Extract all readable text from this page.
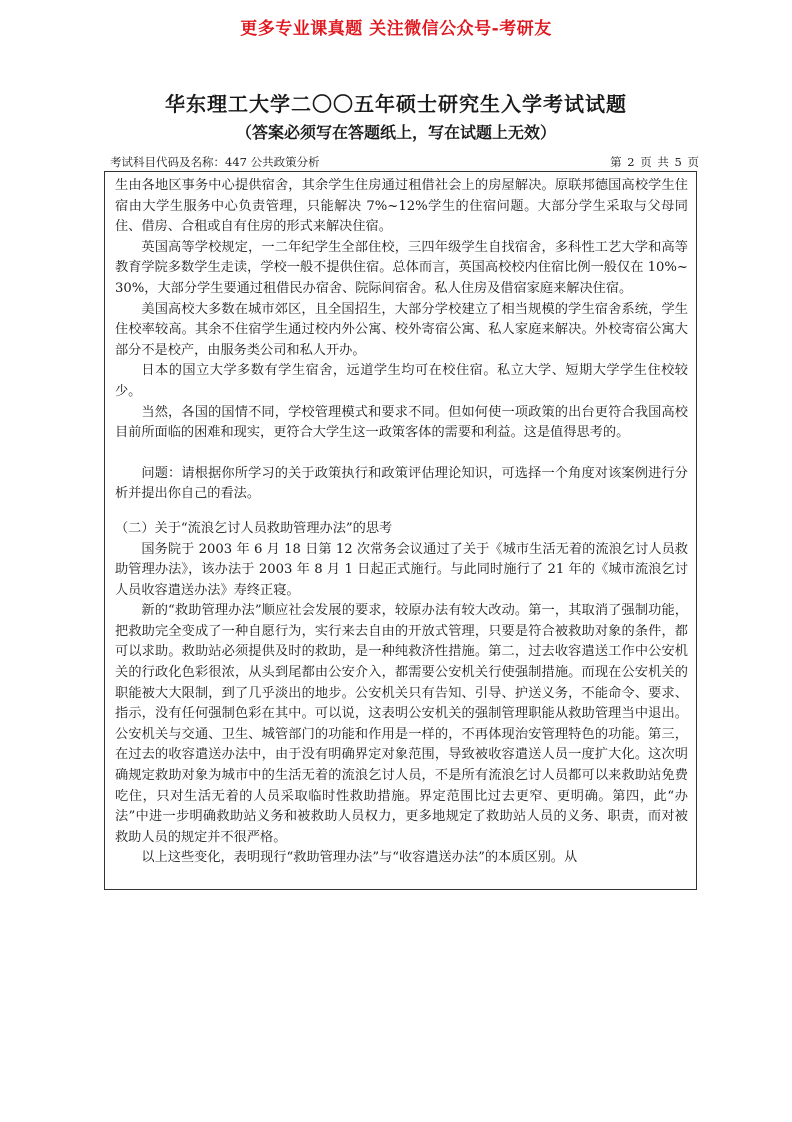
更多专业课真题 关注微信公众号-考研友
华东理工大学二〇〇五年硕士研究生入学考试试题
（答案必须写在答题纸上，写在试题上无效）
考试科目代码及名称：447 公共政策分析	第 2 页 共 5 页

生由各地区事务中心提供宿舍，其余学生住房通过租借社会上的房屋解决。原联邦德国高校学生住宿由大学生服务中心负责管理，只能解决 7%~12%学生的住宿问题。大部分学生采取与父母同住、借房、合租或自有住房的形式来解决住宿。

英国高等学校规定，一二年纪学生全部住校，三四年级学生自找宿舍，多科性工艺大学和高等教育学院多数学生走读，学校一般不提供住宿。总体而言，英国高校校内住宿比例一般仅在 10%~30%，大部分学生要通过租借民办宿舍、院际间宿舍。私人住房及借宿家庭来解决住宿。

美国高校大多数在城市郊区，且全国招生，大部分学校建立了相当规模的学生宿舍系统，学生住校率较高。其余不住宿学生通过校内外公寓、校外寄宿公寓、私人家庭来解决。外校寄宿公寓大部分不是校产，由服务类公司和私人开办。

日本的国立大学多数有学生宿舍，远道学生均可在校住宿。私立大学、短期大学学生住校较少。

当然，各国的国情不同，学校管理模式和要求不同。但如何使一项政策的出台更符合我国高校目前所面临的困难和现实，更符合大学生这一政策客体的需要和利益。这是值得思考的。

问题：请根据你所学习的关于政策执行和政策评估理论知识，可选择一个角度对该案例进行分析并提出你自己的看法。

（二）关于“流浪乞讨人员救助管理办法”的思考

国务院于 2003 年 6 月 18 日第 12 次常务会议通过了关于《城市生活无着的流浪乞讨人员救助管理办法》，该办法于 2003 年 8 月 1 日起正式施行。与此同时施行了 21 年的《城市流浪乞讨人员收容遣送办法》寿终正寝。

新的“救助管理办法”顺应社会发展的要求，较原办法有较大改动。第一，其取消了强制功能，把救助完全变成了一种自愿行为，实行来去自由的开放式管理，只要是符合被救助对象的条件，都可以求助。救助站必须提供及时的救助，是一种纯救济性措施。第二，过去收容遣送工作中公安机关的行政化色彩很浓，从头到尾都由公安介入，都需要公安机关行使强制措施。而现在公安机关的职能被大大限制，到了几乎淡出的地步。公安机关只有告知、引导、护送义务，不能命令、要求、指示，没有任何强制色彩在其中。可以说，这表明公安机关的强制管理职能从救助管理当中退出。公安机关与交通、卫生、城管部门的功能和作用是一样的，不再体现治安管理特色的功能。第三，在过去的收容遣送办法中，由于没有明确界定对象范围，导致被收容遣送人员一度扩大化。这次明确规定救助对象为城市中的生活无着的流浪乞讨人员，不是所有流浪乞讨人员都可以来救助站免费吃住，只对生活无着的人员采取临时性救助措施。界定范围比过去更窄、更明确。第四，此“办法”中进一步明确救助站义务和被救助人员权力，更多地规定了救助站人员的义务、职责，而对被救助人员的规定并不很严格。

以上这些变化，表明现行“救助管理办法”与“收容遣送办法”的本质区别。从
